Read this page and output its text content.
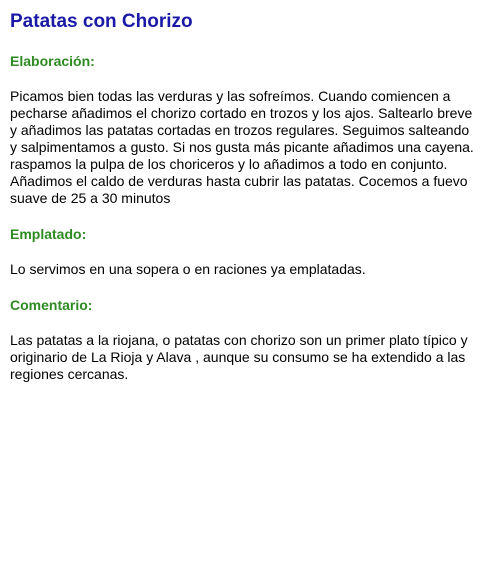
Patatas con Chorizo
Elaboración:

Picamos bien todas las verduras y las sofreímos. Cuando comiencen a pecharse añadimos el chorizo cortado en trozos y los ajos. Saltearlo breve y añadimos las patatas cortadas en trozos regulares. Seguimos salteando y salpimentamos a gusto. Si nos gusta más picante añadimos una cayena. raspamos la pulpa de los choriceros y lo añadimos a todo en conjunto. Añadimos el caldo de verduras hasta cubrir las patatas. Cocemos a fuevo suave de 25 a 30 minutos

Emplatado:

Lo servimos en una sopera o en raciones ya emplatadas.

Comentario:

Las patatas a la riojana, o patatas con chorizo son un primer plato típico y originario de La Rioja y Alava , aunque su consumo se ha extendido a las regiones cercanas.
